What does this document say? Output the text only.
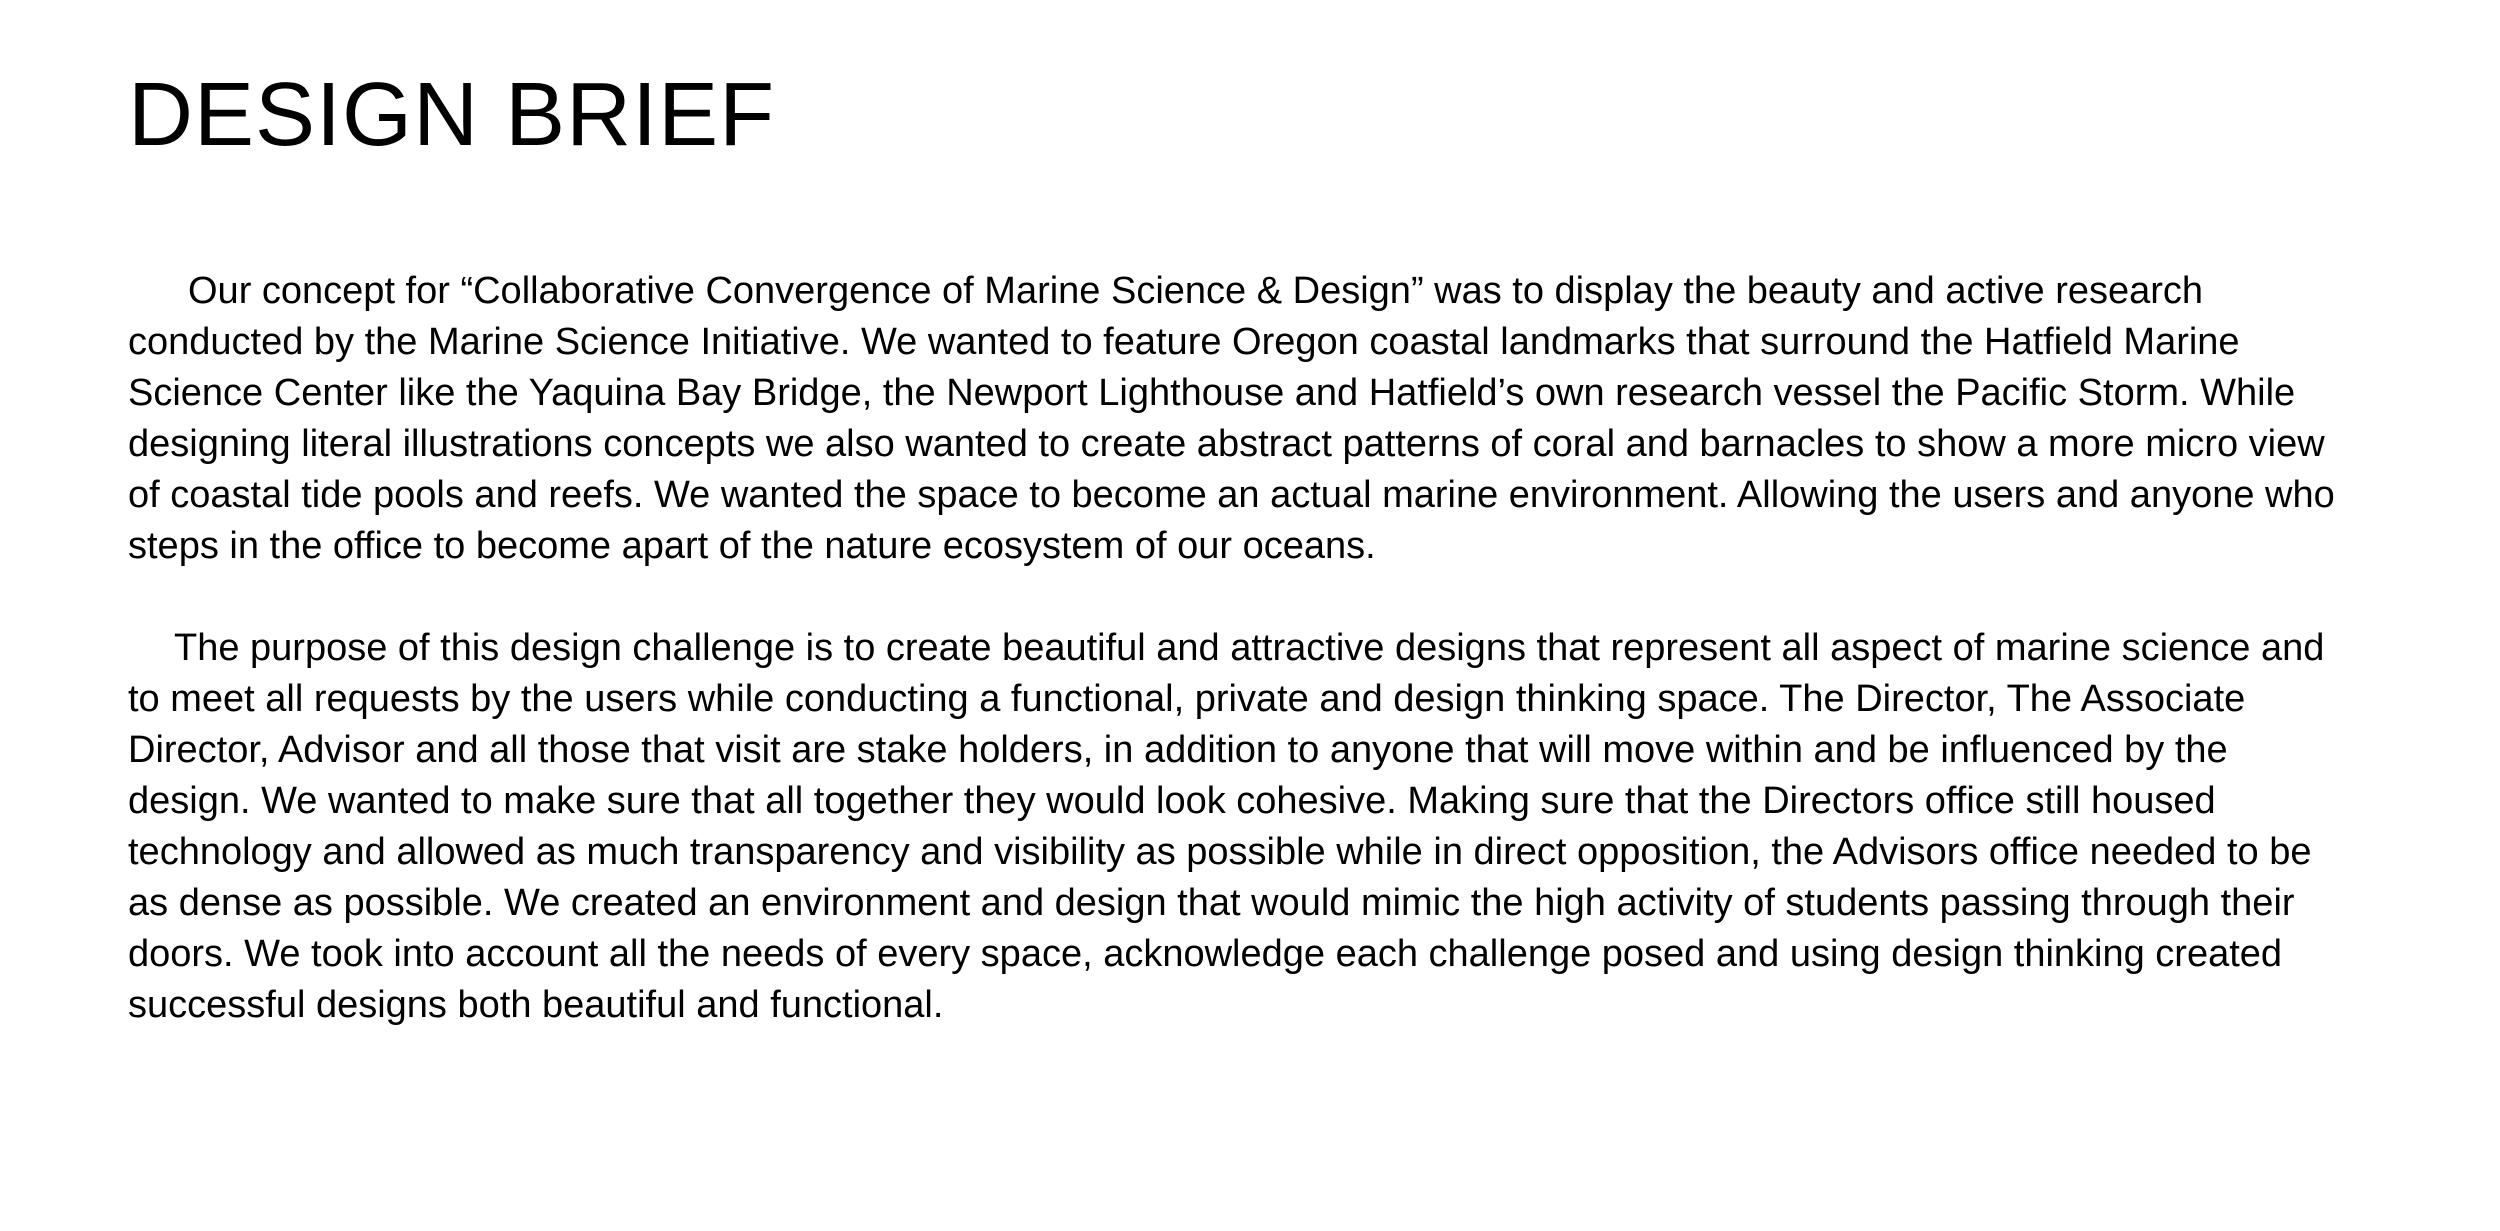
DESIGN BRIEF

Our concept for “Collaborative Convergence of Marine Science & Design” was to display the beauty and active research conducted by the Marine Science Initiative. We wanted to feature Oregon coastal landmarks that surround the Hatfield Marine Science Center like the Yaquina Bay Bridge, the Newport Lighthouse and Hatfield’s own research vessel the Pacific Storm. While designing literal illustrations concepts we also wanted to create abstract patterns of coral and barnacles to show a more micro view of coastal tide pools and reefs. We wanted the space to become an actual marine environment. Allowing the users and anyone who steps in the office to become apart of the nature ecosystem of our oceans.

The purpose of this design challenge is to create beautiful and attractive designs that represent all aspect of marine science and to meet all requests by the users while conducting a functional, private and design thinking space. The Director, The Associate Director, Advisor and all those that visit are stake holders, in addition to anyone that will move within and be influenced by the design. We wanted to make sure that all together they would look cohesive. Making sure that the Directors office still housed technology and allowed as much transparency and visibility as possible while in direct opposition, the Advisors office needed to be as dense as possible. We created an environment and design that would mimic the high activity of students passing through their doors. We took into account all the needs of every space, acknowledge each challenge posed and using design thinking created successful designs both beautiful and functional.
